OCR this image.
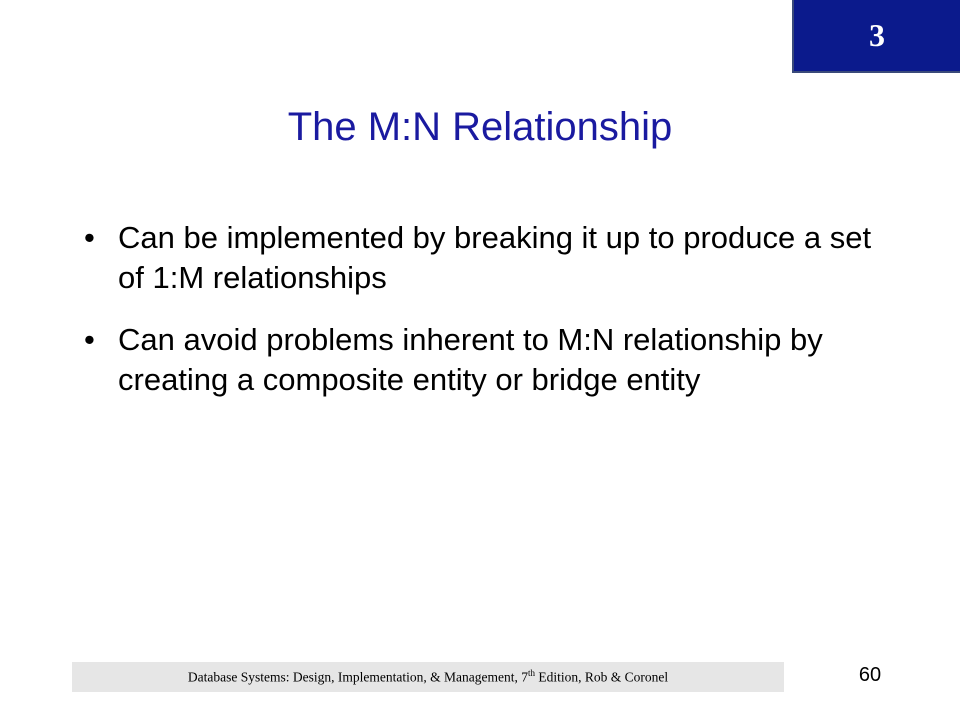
3
The M:N Relationship
• Can be implemented by breaking it up to produce a set of 1:M relationships
• Can avoid problems inherent to M:N relationship by creating a composite entity or bridge entity
Database Systems: Design, Implementation, & Management, 7th Edition, Rob & Coronel	60
